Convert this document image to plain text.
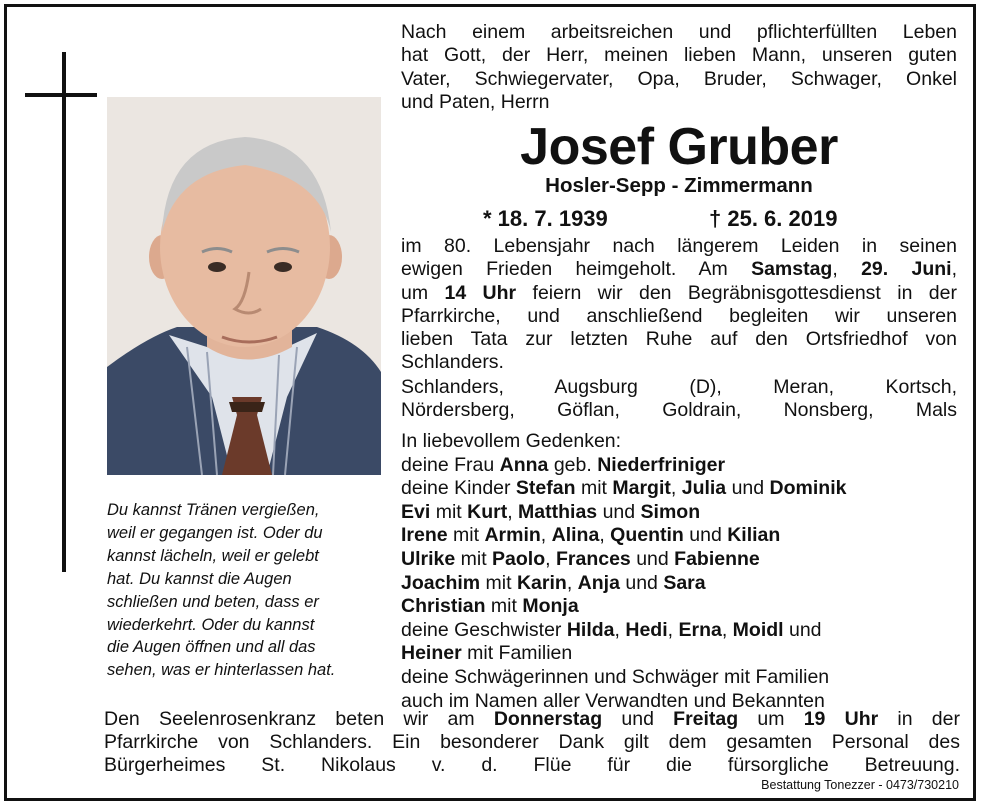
Du kannst Tränen vergießen,
weil er gegangen ist. Oder du
kannst lächeln, weil er gelebt
hat. Du kannst die Augen
schließen und beten, dass er
wiederkehrt. Oder du kannst
die Augen öffnen und all das
sehen, was er hinterlassen hat.

Nach einem arbeitsreichen und pflichterfüllten Leben
hat Gott, der Herr, meinen lieben Mann, unseren guten
Vater, Schwiegervater, Opa, Bruder, Schwager, Onkel
und Paten, Herrn
Josef Gruber

Hosler-Sepp - Zimmermann

* 18. 7. 1939	† 25. 6. 2019
im 80. Lebensjahr nach längerem Leiden in seinen
ewigen Frieden heimgeholt. Am Samstag, 29. Juni,
um 14 Uhr feiern wir den Begräbnisgottesdienst in der
Pfarrkirche, und anschließend begleiten wir unseren
lieben Tata zur letzten Ruhe auf den Ortsfriedhof von
Schlanders.
Schlanders, Augsburg (D), Meran, Kortsch,
Nördersberg, Göflan, Goldrain, Nonsberg, Mals
In liebevollem Gedenken:
deine Frau Anna geb. Niederfriniger
deine Kinder Stefan mit Margit, Julia und Dominik
Evi mit Kurt, Matthias und Simon
Irene mit Armin, Alina, Quentin und Kilian
Ulrike mit Paolo, Frances und Fabienne
Joachim mit Karin, Anja und Sara
Christian mit Monja
deine Geschwister Hilda, Hedi, Erna, Moidl und
Heiner mit Familien
deine Schwägerinnen und Schwäger mit Familien
auch im Namen aller Verwandten und Bekannten
Den Seelenrosenkranz beten wir am Donnerstag und Freitag um 19 Uhr in der
Pfarrkirche von Schlanders. Ein besonderer Dank gilt dem gesamten Personal des
Bürgerheimes St. Nikolaus v. d. Flüe für die fürsorgliche Betreuung.
Bestattung Tonezzer - 0473/730210
